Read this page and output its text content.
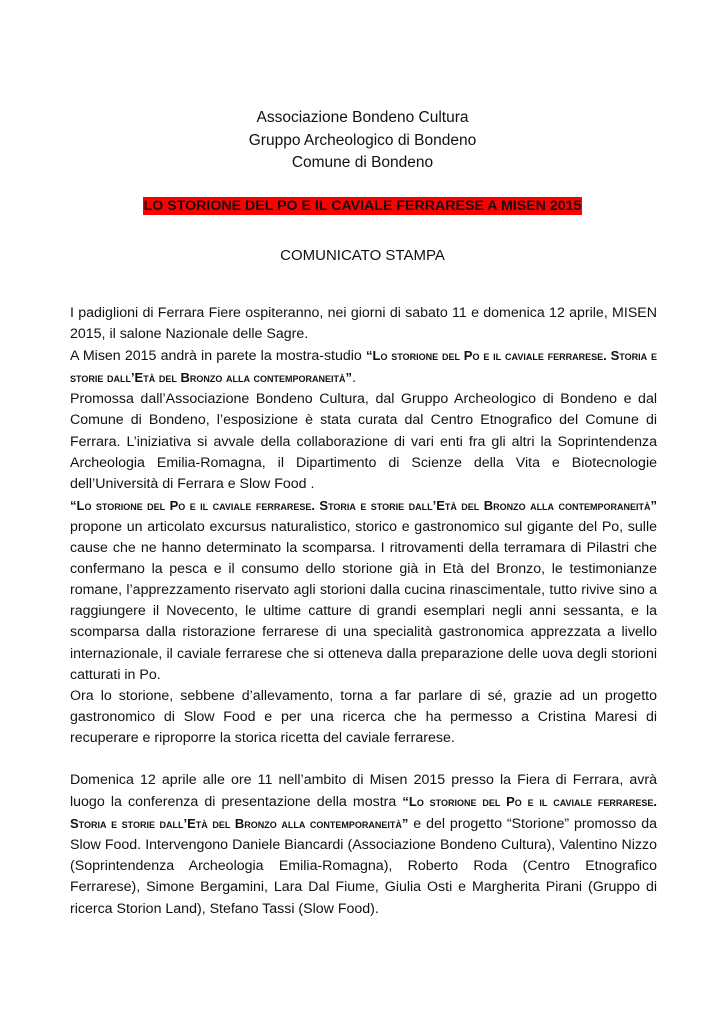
Associazione Bondeno Cultura
Gruppo Archeologico di Bondeno
Comune di Bondeno
LO STORIONE DEL PO E IL CAVIALE FERRARESE A MISEN 2015
COMUNICATO STAMPA

I padiglioni di Ferrara Fiere ospiteranno, nei giorni di sabato 11 e domenica 12 aprile, MISEN 2015, il salone Nazionale delle Sagre.

A Misen 2015 andrà in parete la mostra-studio “Lo storione del Po e il caviale ferrarese. Storia e storie dall’Età del Bronzo alla contemporaneità”.

Promossa dall’Associazione Bondeno Cultura, dal Gruppo Archeologico di Bondeno e dal Comune di Bondeno, l’esposizione è stata curata dal Centro Etnografico del Comune di Ferrara. L’iniziativa si avvale della collaborazione di vari enti fra gli altri la Soprintendenza Archeologia Emilia-Romagna, il Dipartimento di Scienze della Vita e Biotecnologie dell’Università di Ferrara e Slow Food .

“Lo storione del Po e il caviale ferrarese. Storia e storie dall’Età del Bronzo alla contemporaneità” propone un articolato excursus naturalistico, storico e gastronomico sul gigante del Po, sulle cause che ne hanno determinato la scomparsa. I ritrovamenti della terramara di Pilastri che confermano la pesca e il consumo dello storione già in Età del Bronzo, le testimonianze romane, l’apprezzamento riservato agli storioni dalla cucina rinascimentale, tutto rivive sino a raggiungere il Novecento, le ultime catture di grandi esemplari negli anni sessanta, e la scomparsa dalla ristorazione ferrarese di una specialità gastronomica apprezzata a livello internazionale, il caviale ferrarese che si otteneva dalla preparazione delle uova degli storioni catturati in Po.

Ora lo storione, sebbene d’allevamento, torna a far parlare di sé, grazie ad un progetto gastronomico di Slow Food e per una ricerca che ha permesso a Cristina Maresi di recuperare e riproporre la storica ricetta del caviale ferrarese.

Domenica 12 aprile alle ore 11 nell’ambito di Misen 2015 presso la Fiera di Ferrara, avrà luogo la conferenza di presentazione della mostra “Lo storione del Po e il caviale ferrarese. Storia e storie dall’Età del Bronzo alla contemporaneità” e del progetto “Storione” promosso da Slow Food. Intervengono Daniele Biancardi (Associazione Bondeno Cultura), Valentino Nizzo (Soprintendenza Archeologia Emilia-Romagna), Roberto Roda (Centro Etnografico Ferrarese), Simone Bergamini, Lara Dal Fiume, Giulia Osti e Margherita Pirani (Gruppo di ricerca Storion Land), Stefano Tassi (Slow Food).
